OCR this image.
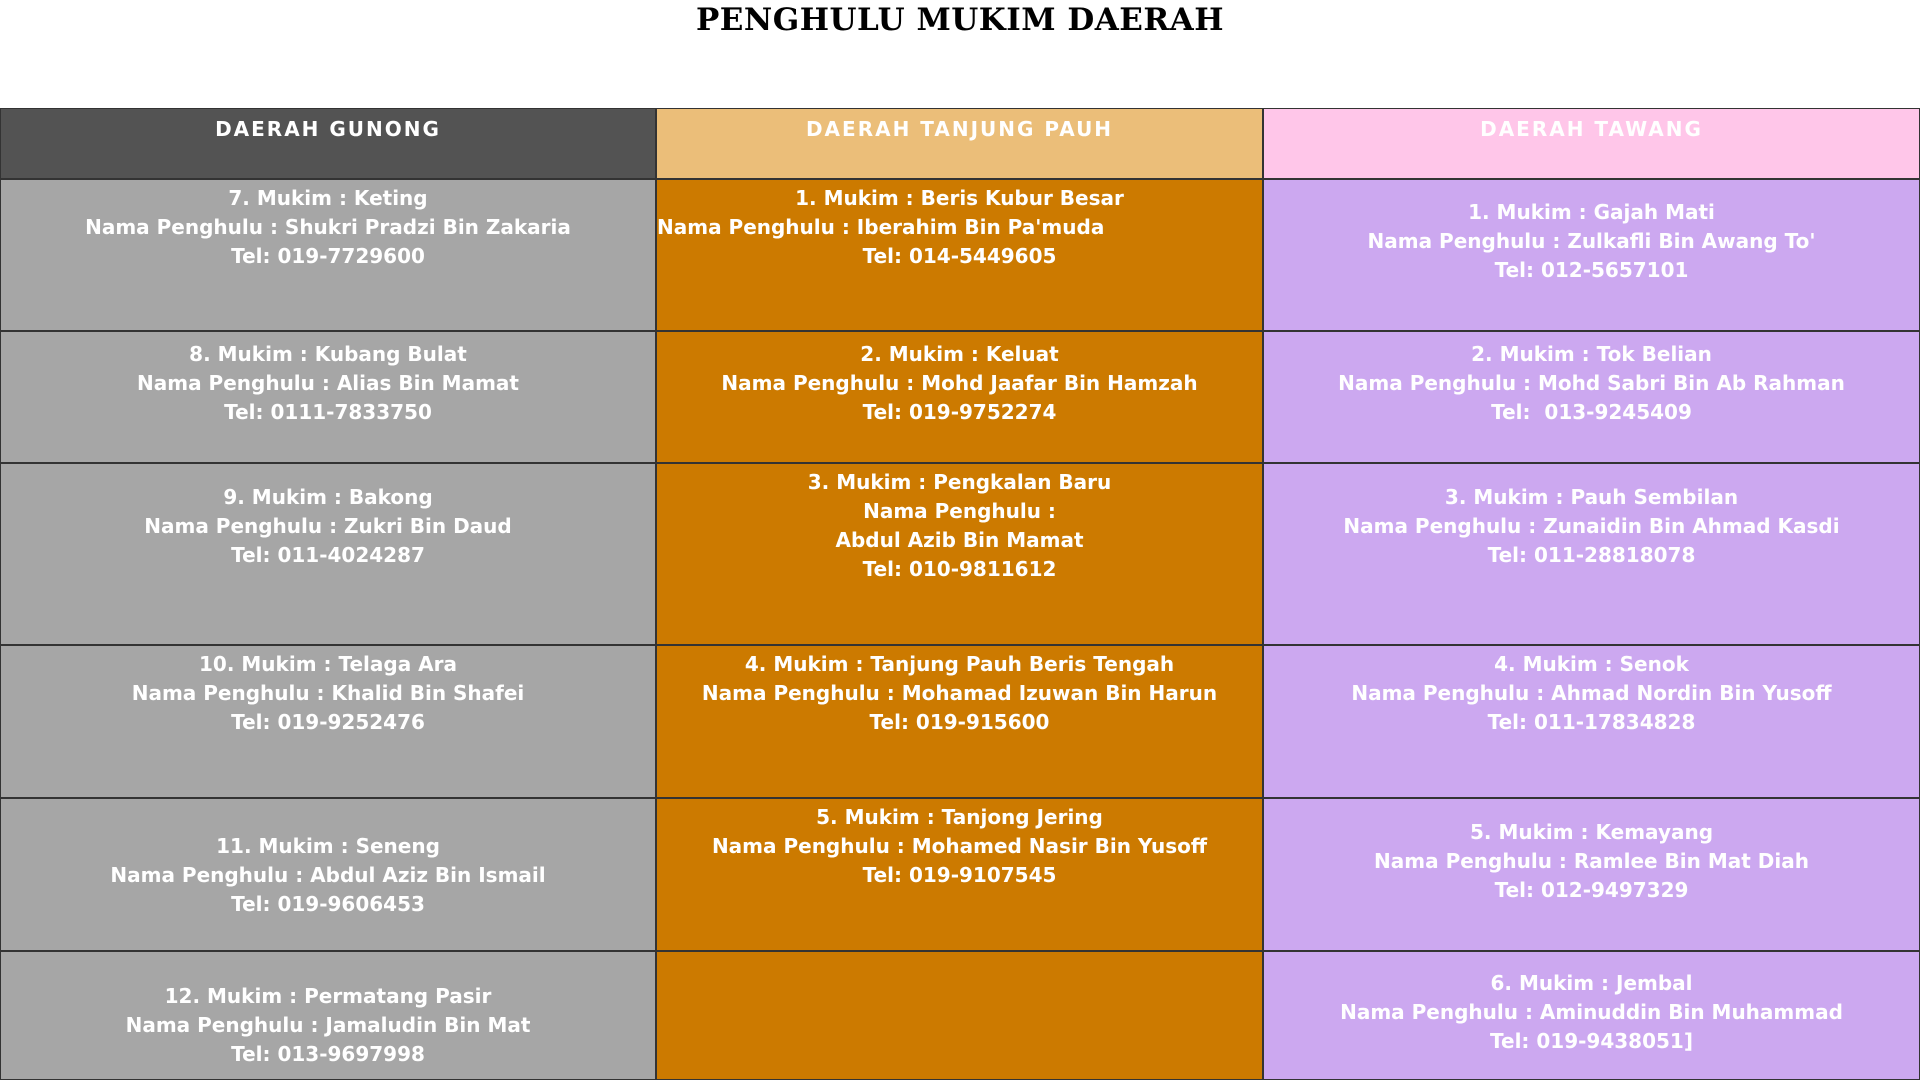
PENGHULU MUKIM DAERAH
DAERAH GUNONG	DAERAH TANJUNG PAUH	DAERAH TAWANG
7. Mukim : Keting
Nama Penghulu : Shukri Pradzi Bin Zakaria
Tel: 019-7729600
1. Mukim : Beris Kubur Besar
Nama Penghulu : Iberahim Bin Pa'muda
Tel: 014-5449605
1. Mukim : Gajah Mati
Nama Penghulu : Zulkafli Bin Awang To'
Tel: 012-5657101
8. Mukim : Kubang Bulat
Nama Penghulu : Alias Bin Mamat
Tel: 0111-7833750
2. Mukim : Keluat
Nama Penghulu : Mohd Jaafar Bin Hamzah
Tel: 019-9752274
2. Mukim : Tok Belian
Nama Penghulu : Mohd Sabri Bin Ab Rahman
Tel:  013-9245409
9. Mukim : Bakong
Nama Penghulu : Zukri Bin Daud
Tel: 011-4024287
3. Mukim : Pengkalan Baru
Nama Penghulu :
Abdul Azib Bin Mamat
Tel: 010-9811612
3. Mukim : Pauh Sembilan
Nama Penghulu : Zunaidin Bin Ahmad Kasdi
Tel: 011-28818078
10. Mukim : Telaga Ara
Nama Penghulu : Khalid Bin Shafei
Tel: 019-9252476
4. Mukim : Tanjung Pauh Beris Tengah
Nama Penghulu : Mohamad Izuwan Bin Harun
Tel: 019-915600
4. Mukim : Senok
Nama Penghulu : Ahmad Nordin Bin Yusoff
Tel: 011-17834828
11. Mukim : Seneng
Nama Penghulu : Abdul Aziz Bin Ismail
Tel: 019-9606453
5. Mukim : Tanjong Jering
Nama Penghulu : Mohamed Nasir Bin Yusoff
Tel: 019-9107545
5. Mukim : Kemayang
Nama Penghulu : Ramlee Bin Mat Diah
Tel: 012-9497329
12. Mukim : Permatang Pasir
Nama Penghulu : Jamaludin Bin Mat
Tel: 013-9697998
6. Mukim : Jembal
Nama Penghulu : Aminuddin Bin Muhammad
Tel: 019-9438051]
